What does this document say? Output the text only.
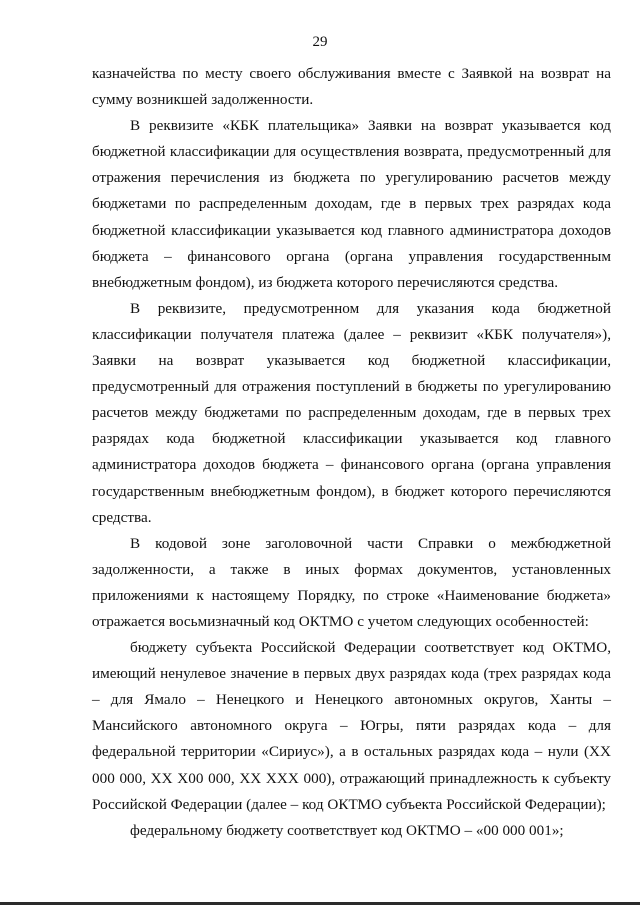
29

казначейства по месту своего обслуживания вместе с Заявкой на возврат на сумму возникшей задолженности.

В реквизите «КБК плательщика» Заявки на возврат указывается код бюджетной классификации для осуществления возврата, предусмотренный для отражения перечисления из бюджета по урегулированию расчетов между бюджетами по распределенным доходам, где в первых трех разрядах кода бюджетной классификации указывается код главного администратора доходов бюджета – финансового органа (органа управления государственным внебюджетным фондом), из бюджета которого перечисляются средства.

В реквизите, предусмотренном для указания кода бюджетной классификации получателя платежа (далее – реквизит «КБК получателя»), Заявки на возврат указывается код бюджетной классификации, предусмотренный для отражения поступлений в бюджеты по урегулированию расчетов между бюджетами по распределенным доходам, где в первых трех разрядах кода бюджетной классификации указывается код главного администратора доходов бюджета – финансового органа (органа управления государственным внебюджетным фондом), в бюджет которого перечисляются средства.

В кодовой зоне заголовочной части Справки о межбюджетной задолженности, а также в иных формах документов, установленных приложениями к настоящему Порядку, по строке «Наименование бюджета» отражается восьмизначный код ОКТМО с учетом следующих особенностей:

бюджету субъекта Российской Федерации соответствует код ОКТМО, имеющий ненулевое значение в первых двух разрядах кода (трех разрядах кода – для Ямало – Ненецкого и Ненецкого автономных округов, Ханты – Мансийского автономного округа – Югры, пяти разрядах кода – для федеральной территории «Сириус»), а в остальных разрядах кода – нули (ХХ 000 000, ХХ Х00 000, ХХ ХХХ 000), отражающий принадлежность к субъекту Российской Федерации (далее – код ОКТМО субъекта Российской Федерации);

федеральному бюджету соответствует код ОКТМО – «00 000 001»;
